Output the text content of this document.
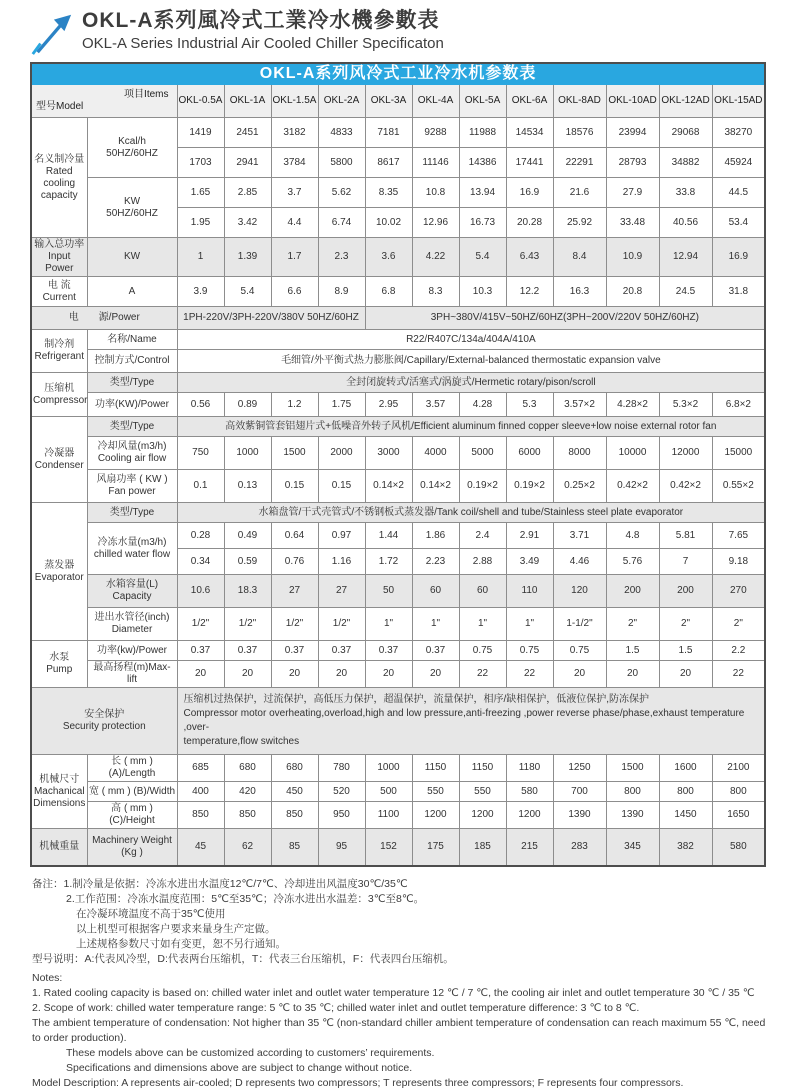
OKL-A系列風冷式工業冷水機參數表
OKL-A Series Industrial Air Cooled Chiller Specificaton
OKL-A系列风冷式工业冷水机参数表													

型号Model
项目Items		OKL-0.5A	OKL-1A	OKL-1.5A	OKL-2A	OKL-3A	OKL-4A	OKL-5A	OKL-6A	OKL-8AD	OKL-10AD	OKL-12AD	OKL-15AD
名义制冷量
Rated
cooling
capacity	Kcal/h
50HZ/60HZ	1419	2451	3182	4833	7181	9288	11988	14534	18576	23994	29068	38270
		1703	2941	3784	5800	8617	11146	14386	17441	22291	28793	34882	45924
	KW
50HZ/60HZ	1.65	2.85	3.7	5.62	8.35	10.8	13.94	16.9	21.6	27.9	33.8	44.5
		1.95	3.42	4.4	6.74	10.02	12.96	16.73	20.28	25.92	33.48	40.56	53.4
输入总功率
Input Power	KW	1	1.39	1.7	2.3	3.6	4.22	5.4	6.43	8.4	10.9	12.94	16.9
电 流
Current	A	3.9	5.4	6.6	8.9	6.8	8.3	10.3	12.2	16.3	20.8	24.5	31.8
电　　源/Power		1PH-220V/3PH-220V/380V 50HZ/60HZ				3PH~380V/415V~50HZ/60HZ(3PH~200V/220V 50HZ/60HZ)							
制冷剂
Refrigerant	名称/Name	R22/R407C/134a/404A/410A											
	控制方式/Control	毛细管/外平衡式热力膨胀阀/Capillary/External-balanced thermostatic expansion valve											
压缩机
Compressor	类型/Type	全封闭旋转式/活塞式/涡旋式/Hermetic rotary/pison/scroll											
	功率(KW)/Power	0.56	0.89	1.2	1.75	2.95	3.57	4.28	5.3	3.57×2	4.28×2	5.3×2	6.8×2
冷凝器
Condenser	类型/Type	高效紫铜管套铝翅片式+低噪音外转子风机/Efficient aluminum finned copper sleeve+low noise external rotor fan											
	冷却风量(m3/h)
Cooling air flow	750	1000	1500	2000	3000	4000	5000	6000	8000	10000	12000	15000
	风扇功率 ( KW )
Fan power	0.1	0.13	0.15	0.15	0.14×2	0.14×2	0.19×2	0.19×2	0.25×2	0.42×2	0.42×2	0.55×2
蒸发器
Evaporator	类型/Type	水箱盘管/干式壳管式/不锈钢板式蒸发器/Tank coil/shell and tube/Stainless steel plate evaporator											
	冷冻水量(m3/h)
chilled water flow	0.28	0.49	0.64	0.97	1.44	1.86	2.4	2.91	3.71	4.8	5.81	7.65
		0.34	0.59	0.76	1.16	1.72	2.23	2.88	3.49	4.46	5.76	7	9.18
	水箱容量(L)
Capacity	10.6	18.3	27	27	50	60	60	110	120	200	200	270
	进出水管径(inch)
Diameter	1/2"	1/2"	1/2"	1/2"	1"	1"	1"	1"	1-1/2"	2"	2"	2"
水泵
Pump	功率(kw)/Power	0.37	0.37	0.37	0.37	0.37	0.37	0.75	0.75	0.75	1.5	1.5	2.2
	最高扬程(m)Max-lift	20	20	20	20	20	20	22	22	20	20	20	22
安全保护
Security protection		压缩机过热保护，过流保护，高低压力保护，超温保护，流量保护，相序/缺相保护，低液位保护,防冻保护
Compressor motor overheating,overload,high and low pressure,anti-freezing ,power reverse phase/phase,exhaust temperature ,over-
temperature,flow switches											
机械尺寸
Machanical
Dimensions	长 ( mm ) (A)/Length	685	680	680	780	1000	1150	1150	1180	1250	1500	1600	2100
	宽 ( mm ) (B)/Width	400	420	450	520	500	550	550	580	700	800	800	800
	高 ( mm ) (C)/Height	850	850	850	950	1100	1200	1200	1200	1390	1390	1450	1650
机械重量	Machinery Weight
(Kg )	45	62	85	95	152	175	185	215	283	345	382	580
备注：1.制冷量是依据：冷冻水进出水温度12℃/7℃、冷却进出风温度30℃/35℃
2.工作范围：冷冻水温度范围：5℃至35℃；冷冻水进出水温差：3℃至8℃。
在冷凝环境温度不高于35℃使用
以上机型可根据客户要求来量身生产定做。
上述规格参数尺寸如有变更，恕不另行通知。
型号说明：A:代表风冷型，D:代表两台压缩机，T：代表三台压缩机，F：代表四台压缩机。
Notes:
1. Rated cooling capacity is based on: chilled water inlet and outlet water temperature 12 ℃ / 7 ℃, the cooling air inlet and outlet temperature 30 ℃ / 35 ℃
2. Scope of work: chilled water temperature range: 5 ℃ to 35 ℃; chilled water inlet and outlet temperature difference: 3 ℃ to 8 ℃.
The ambient temperature of condensation: Not higher than 35 ℃ (non-standard chiller ambient temperature of condensation can reach maximum 55 ℃, need to order production).
These models above can be customized according to customers’ requirements.
Specifications and dimensions above are subject to change without notice.
Model Description: A represents air-cooled; D represents two compressors; T represents three compressors; F represents four compressors.
